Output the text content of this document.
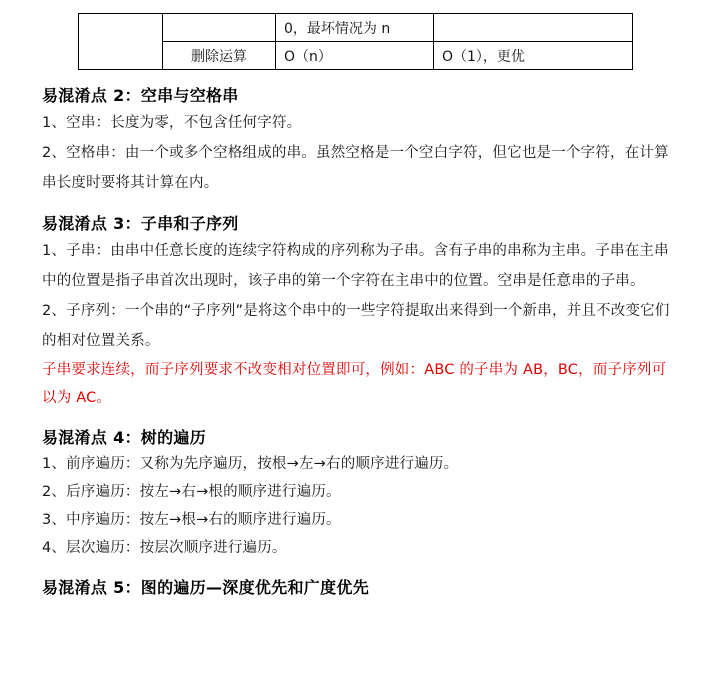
		0，最坏情况为 n	
	删除运算	O（n）	O（1），更优
易混淆点 2：空串与空格串

1、空串：长度为零，不包含任何字符。

2、空格串：由一个或多个空格组成的串。虽然空格是一个空白字符，但它也是一个字符，在计算串长度时要将其计算在内。

易混淆点 3：子串和子序列

1、子串：由串中任意长度的连续字符构成的序列称为子串。含有子串的串称为主串。子串在主串中的位置是指子串首次出现时，该子串的第一个字符在主串中的位置。空串是任意串的子串。

2、子序列：一个串的“子序列”是将这个串中的一些字符提取出来得到一个新串，并且不改变它们的相对位置关系。

子串要求连续，而子序列要求不改变相对位置即可，例如：ABC 的子串为 AB，BC，而子序列可以为 AC。

易混淆点 4：树的遍历

1、前序遍历：又称为先序遍历，按根→左→右的顺序进行遍历。

2、后序遍历：按左→右→根的顺序进行遍历。

3、中序遍历：按左→根→右的顺序进行遍历。

4、层次遍历：按层次顺序进行遍历。

易混淆点 5：图的遍历—深度优先和广度优先
